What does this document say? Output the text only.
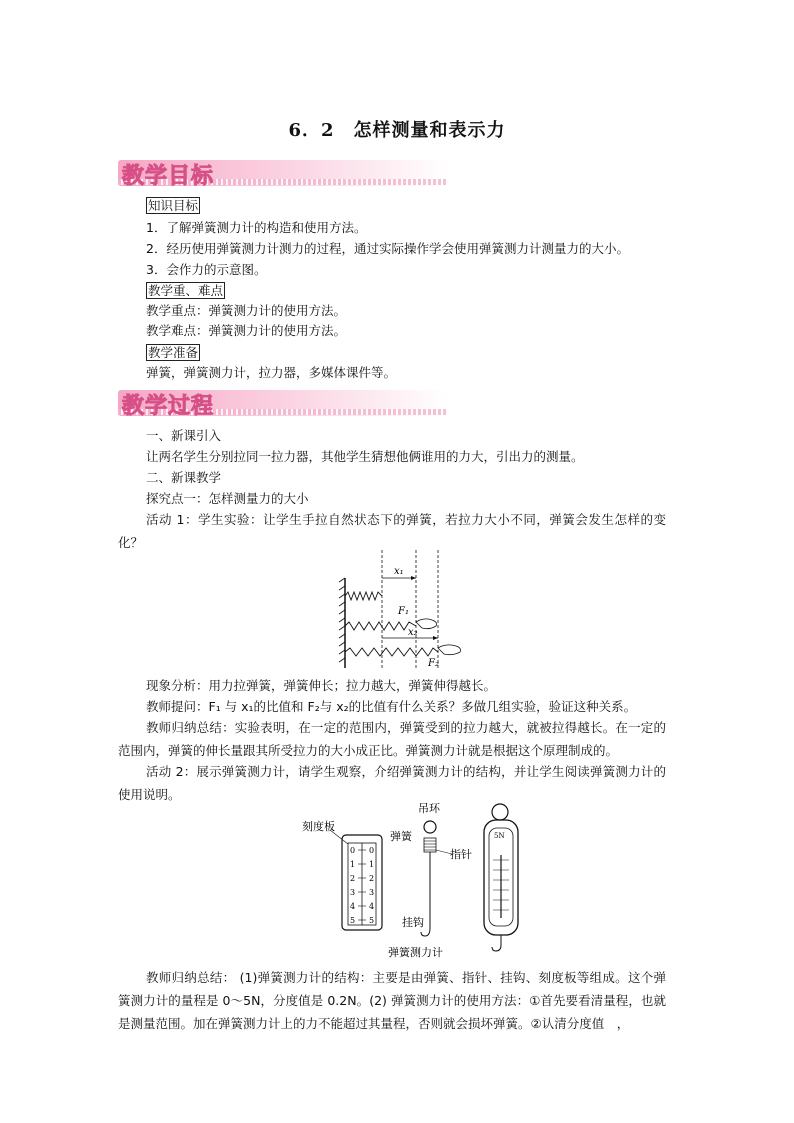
6．2　怎样测量和表示力
教学目标
知识目标
1．了解弹簧测力计的构造和使用方法。
2．经历使用弹簧测力计测力的过程，通过实际操作学会使用弹簧测力计测量力的大小。
3．会作力的示意图。
教学重、难点
教学重点：弹簧测力计的使用方法。
教学难点：弹簧测力计的使用方法。
教学准备
弹簧，弹簧测力计，拉力器，多媒体课件等。
教学过程
一、新课引入
让两名学生分别拉同一拉力器，其他学生猜想他俩谁用的力大，引出力的测量。
二、新课教学
探究点一：怎样测量力的大小
活动 1：学生实验：让学生手拉自然状态下的弹簧，若拉力大小不同，弹簧会发生怎样的变化？
x₁
x₂
F₁
F₂
现象分析：用力拉弹簧，弹簧伸长；拉力越大，弹簧伸得越长。
教师提问：F₁ 与 x₁的比值和 F₂与 x₂的比值有什么关系？多做几组实验，验证这种关系。
教师归纳总结：实验表明，在一定的范围内，弹簧受到的拉力越大，就被拉得越长。在一定的范围内，弹簧的伸长量跟其所受拉力的大小成正比。弹簧测力计就是根据这个原理制成的。
活动 2：展示弹簧测力计，请学生观察，介绍弹簧测力计的结构，并让学生阅读弹簧测力计的使用说明。
0
1
2
3
4
5
0
1
2
3
4
5
刻度板
吊环
弹簧
指针
挂钩
弹簧测力计
5N
教师归纳总结： (1)弹簧测力计的结构：主要是由弹簧、指针、挂钩、刻度板等组成。这个弹簧测力计的量程是 0～5N，分度值是 0.2N。(2) 弹簧测力计的使用方法：①首先要看清量程，也就是测量范围。加在弹簧测力计上的力不能超过其量程，否则就会损坏弹簧。②认清分度值　，
